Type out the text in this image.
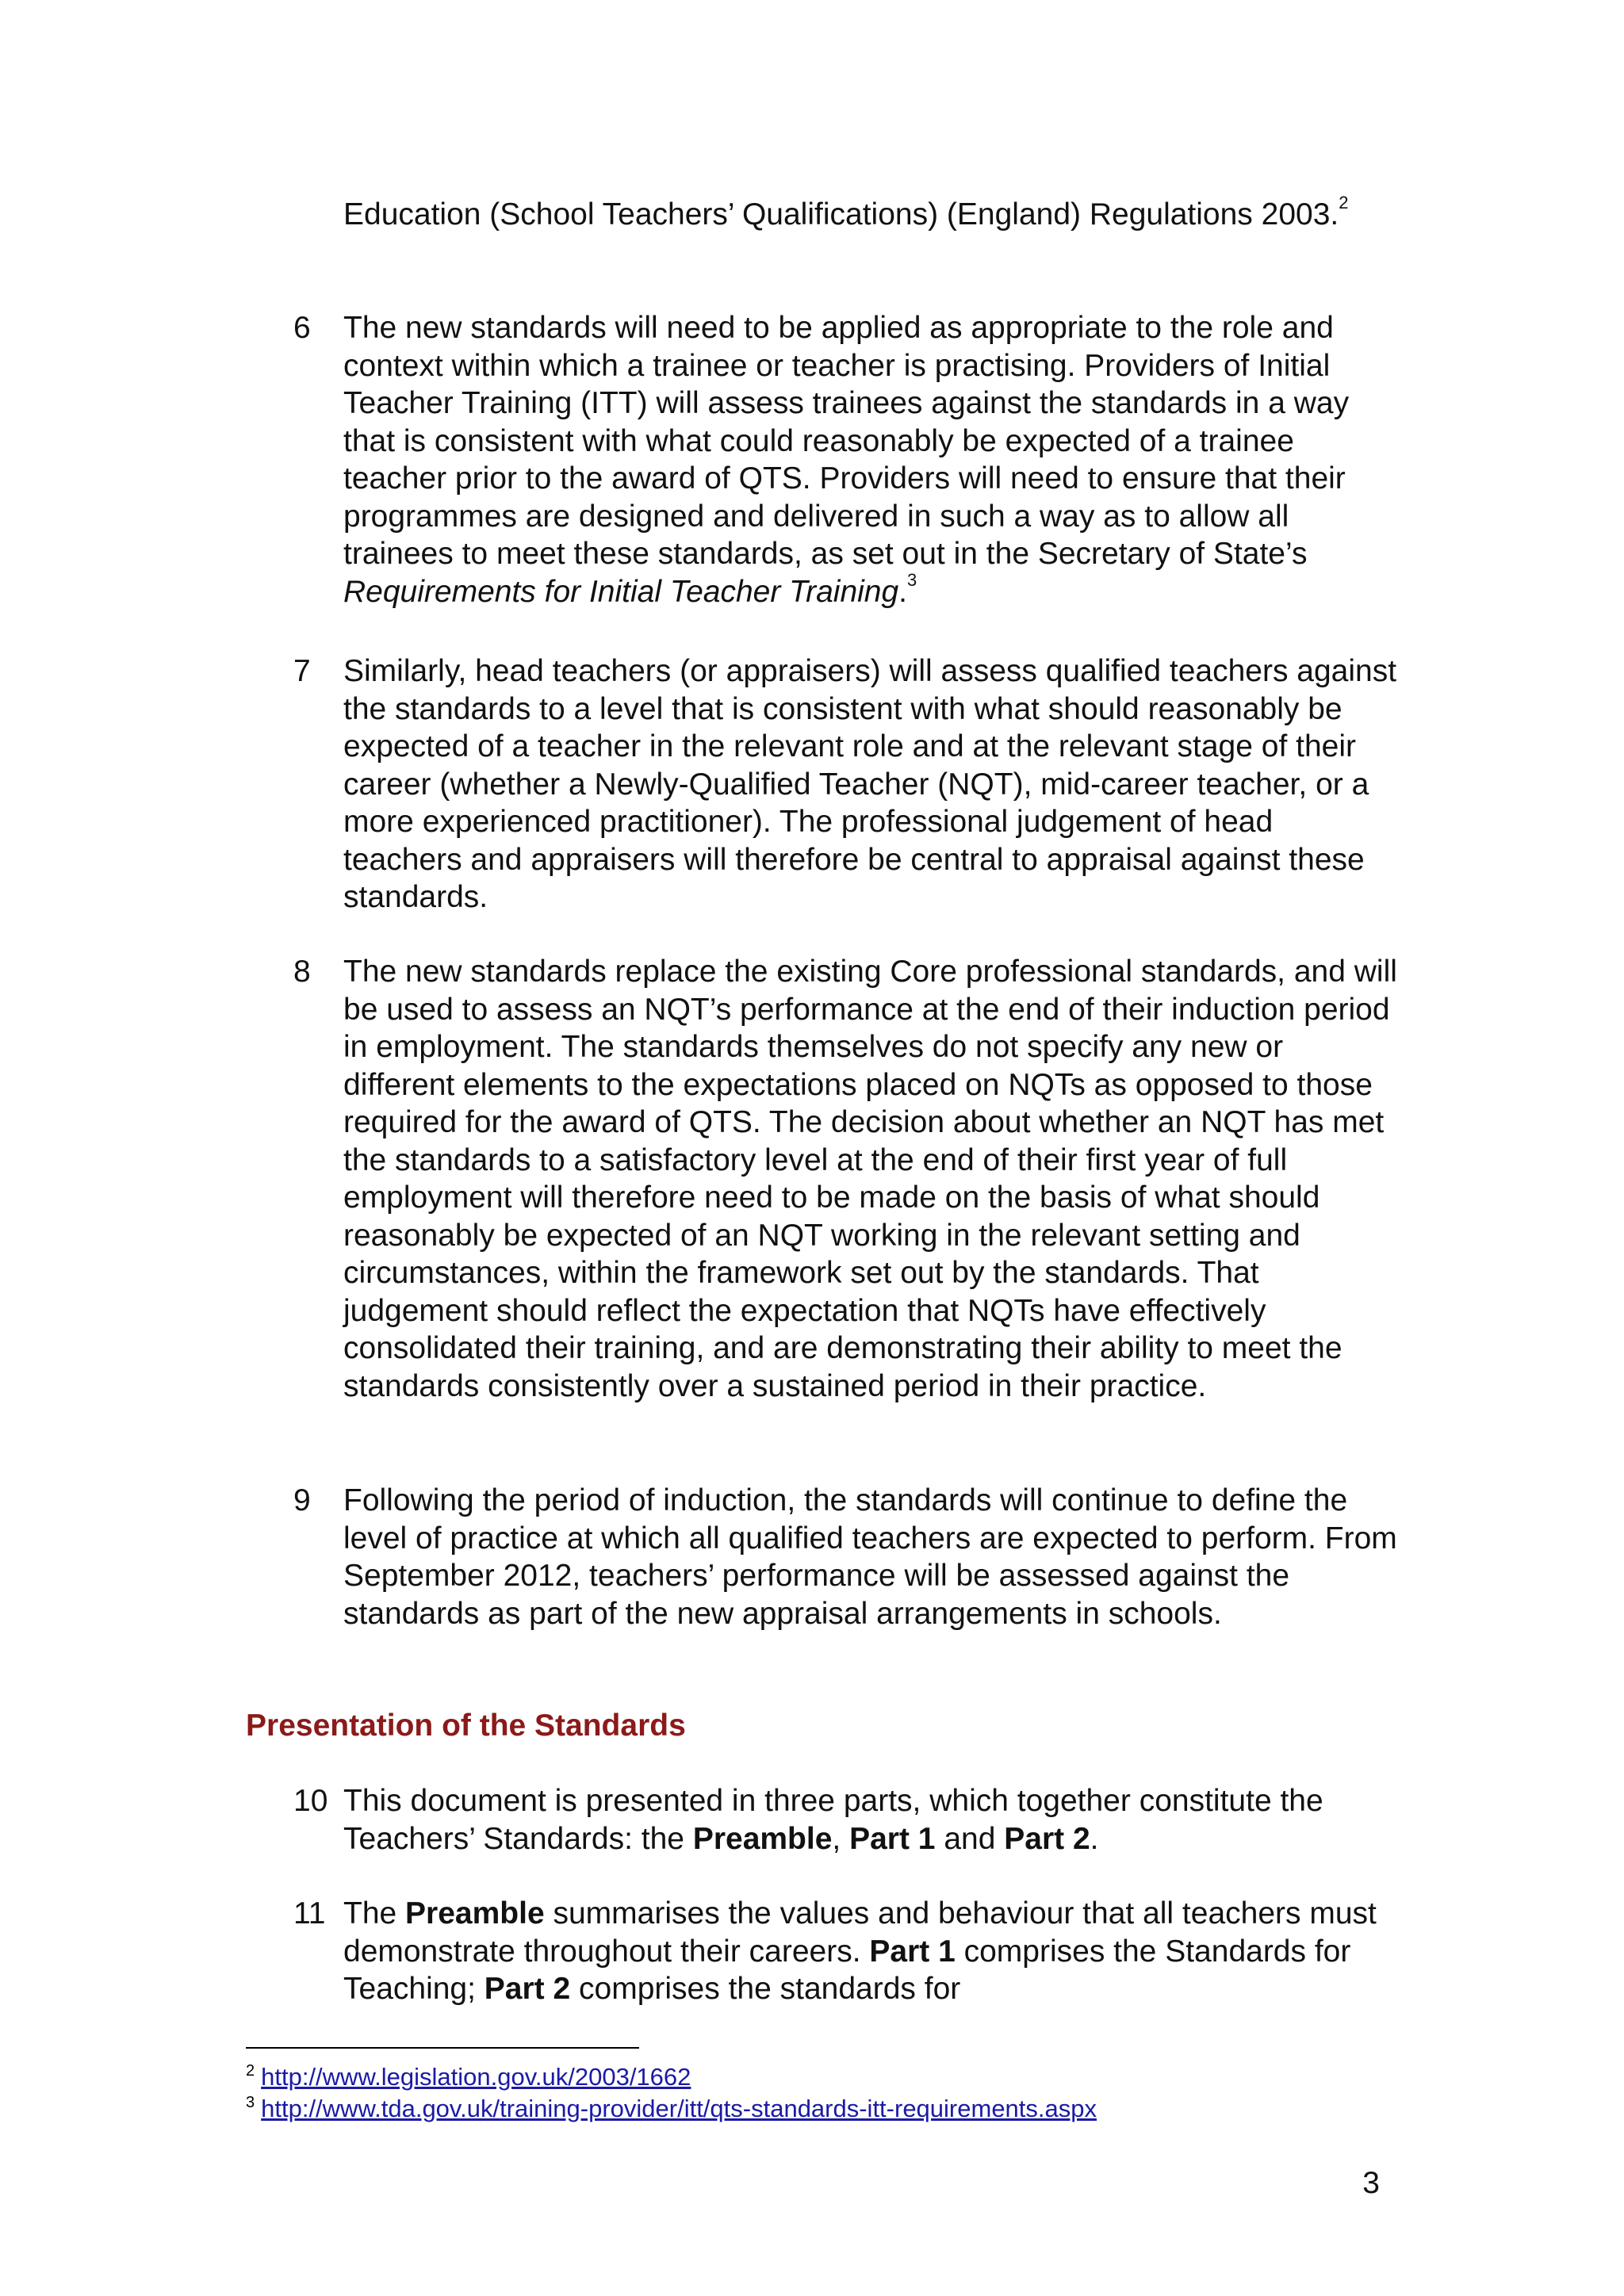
Education (School Teachers’ Qualifications) (England) Regulations 2003.$^2$

6	The new standards will need to be applied as appropriate to the role and context within which a trainee or teacher is practising. Providers of Initial Teacher Training (ITT) will assess trainees against the standards in a way that is consistent with what could reasonably be expected of a trainee teacher prior to the award of QTS. Providers will need to ensure that their programmes are designed and delivered in such a way as to allow all trainees to meet these standards, as set out in the Secretary of State’s Requirements for Initial Teacher Training.$^3$

7	Similarly, head teachers (or appraisers) will assess qualified teachers against the standards to a level that is consistent with what should reasonably be expected of a teacher in the relevant role and at the relevant stage of their career (whether a Newly-Qualified Teacher (NQT), mid-career teacher, or a more experienced practitioner). The professional judgement of head teachers and appraisers will therefore be central to appraisal against these standards.

8	The new standards replace the existing Core professional standards, and will be used to assess an NQT’s performance at the end of their induction period in employment. The standards themselves do not specify any new or different elements to the expectations placed on NQTs as opposed to those required for the award of QTS. The decision about whether an NQT has met the standards to a satisfactory level at the end of their first year of full employment will therefore need to be made on the basis of what should reasonably be expected of an NQT working in the relevant setting and circumstances, within the framework set out by the standards. That judgement should reflect the expectation that NQTs have effectively consolidated their training, and are demonstrating their ability to meet the standards consistently over a sustained period in their practice.

9	Following the period of induction, the standards will continue to define the level of practice at which all qualified teachers are expected to perform. From September 2012, teachers’ performance will be assessed against the standards as part of the new appraisal arrangements in schools.

Presentation of the Standards

10 This document is presented in three parts, which together constitute the Teachers’ Standards: the Preamble, Part 1 and Part 2.

11 The Preamble summarises the values and behaviour that all teachers must demonstrate throughout their careers. Part 1 comprises the Standards for Teaching; Part 2 comprises the standards for

$^2$ http://www.legislation.gov.uk/2003/1662

$^3$ http://www.tda.gov.uk/training-provider/itt/qts-standards-itt-requirements.aspx

3
